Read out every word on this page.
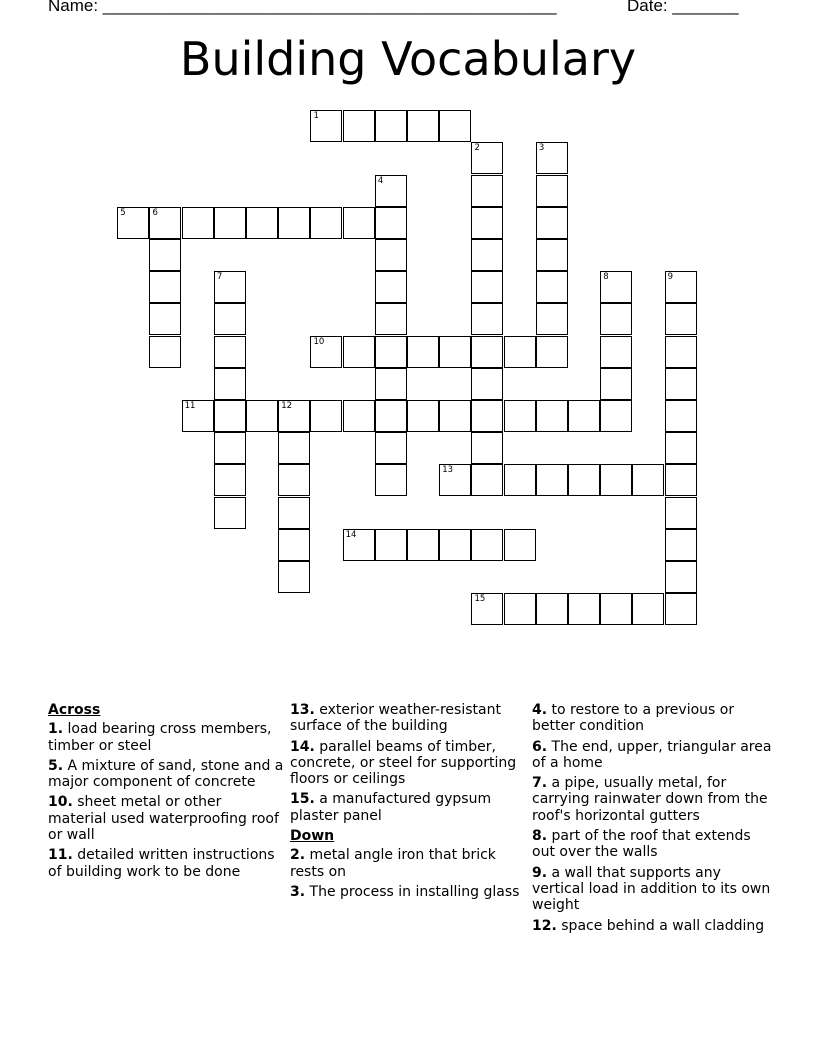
Name: ________________________________________________	Date: _______
Building Vocabulary
1
2	3
4
5	6
7	8	9
10
11	12
13
14
15
Across
1. load bearing cross members, timber or steel
5. A mixture of sand, stone and a major component of concrete
10. sheet metal or other material used waterproofing roof or wall
11. detailed written instructions of building work to be done
13. exterior weather-resistant surface of the building
14. parallel beams of timber, concrete, or steel for supporting floors or ceilings
15. a manufactured gypsum plaster panel
Down
2. metal angle iron that brick rests on
3. The process in installing glass
4. to restore to a previous or better condition
6. The end, upper, triangular area of a home
7. a pipe, usually metal, for carrying rainwater down from the roof's horizontal gutters
8. part of the roof that extends out over the walls
9. a wall that supports any vertical load in addition to its own weight
12. space behind a wall cladding
